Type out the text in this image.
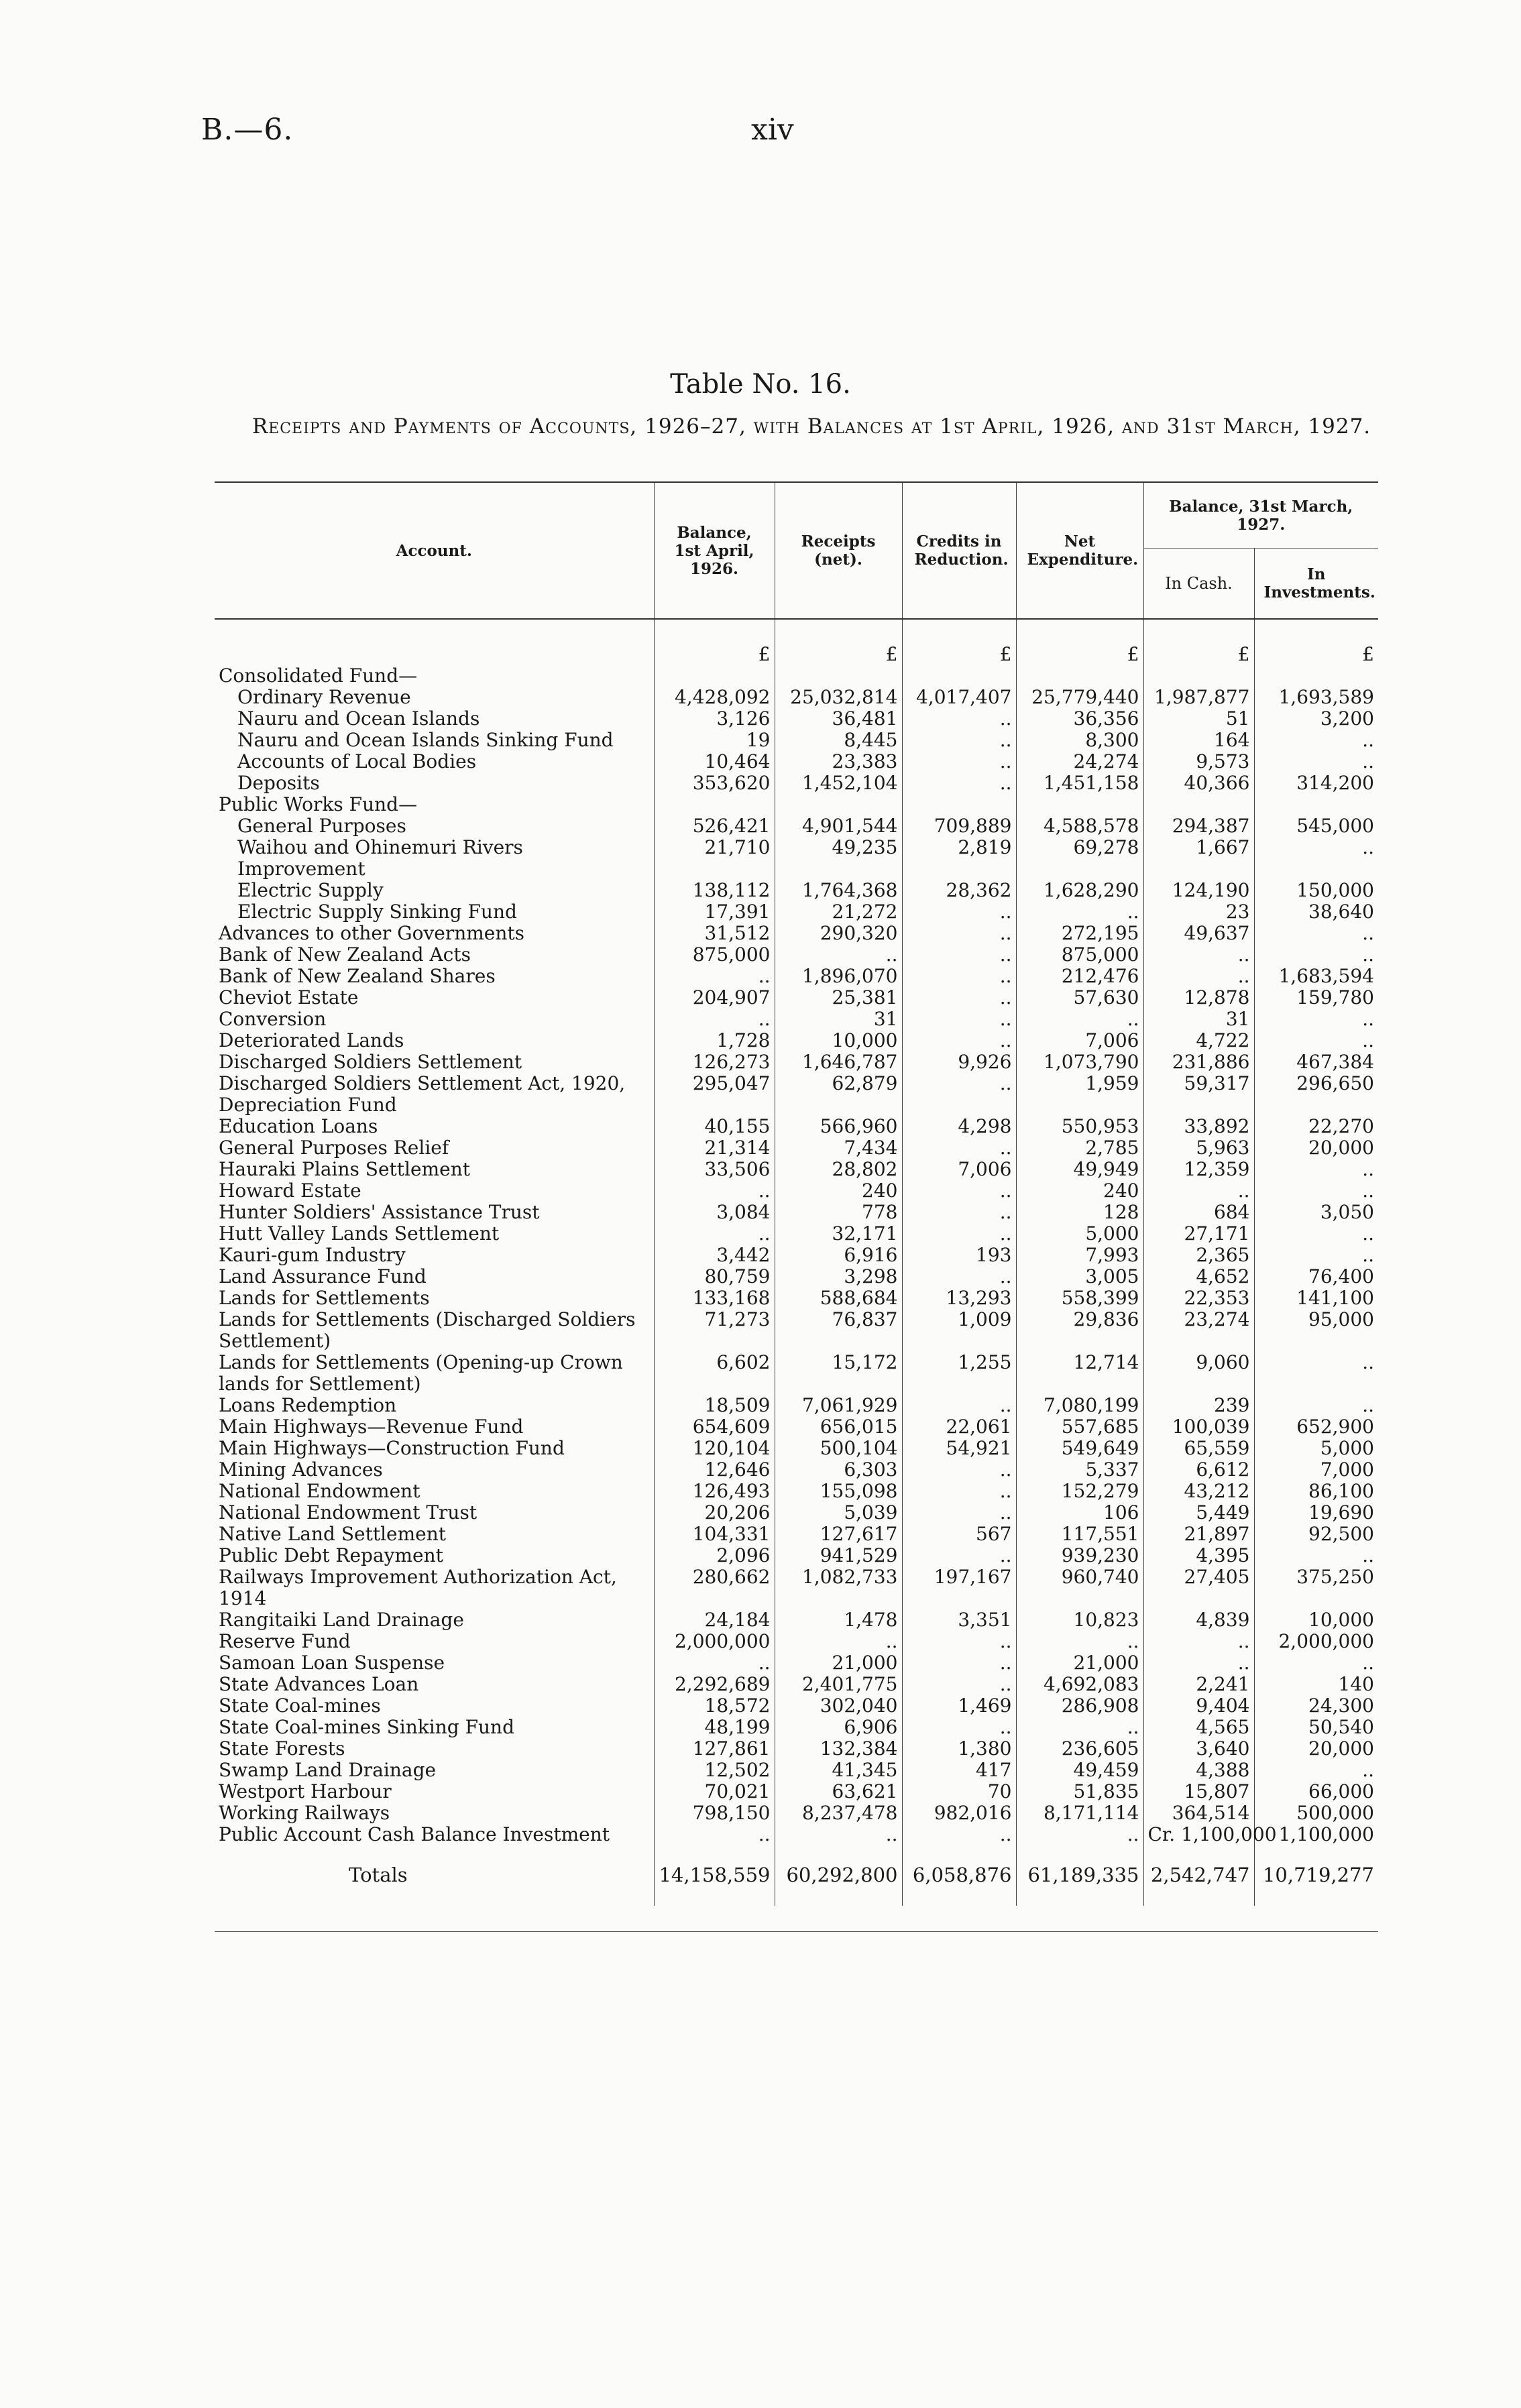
B.—6.	xiv
Table No. 16.
Receipts and Payments of Accounts, 1926–27, with Balances at 1st April, 1926, and 31st March, 1927.
Account.	Balance, 1st April, 1926.	Receipts (net).	Credits in Reduction.	Net Expenditure.	Balance, 31st March, 1927.	
					In Cash.	In Investments.
	£	£	£	£	£	£
Consolidated Fund—						
Ordinary Revenue	4,428,092	25,032,814	4,017,407	25,779,440	1,987,877	1,693,589
Nauru and Ocean Islands	3,126	36,481	..	36,356	51	3,200
Nauru and Ocean Islands Sinking Fund	19	8,445	..	8,300	164	..
Accounts of Local Bodies	10,464	23,383	..	24,274	9,573	..
Deposits	353,620	1,452,104	..	1,451,158	40,366	314,200
Public Works Fund—						
General Purposes	526,421	4,901,544	709,889	4,588,578	294,387	545,000
Waihou and Ohinemuri Rivers Improvement	21,710	49,235	2,819	69,278	1,667	..
Electric Supply	138,112	1,764,368	28,362	1,628,290	124,190	150,000
Electric Supply Sinking Fund	17,391	21,272	..	..	23	38,640
Advances to other Governments	31,512	290,320	..	272,195	49,637	..
Bank of New Zealand Acts	875,000	..	..	875,000	..	..
Bank of New Zealand Shares	..	1,896,070	..	212,476	..	1,683,594
Cheviot Estate	204,907	25,381	..	57,630	12,878	159,780
Conversion	..	31	..	..	31	..
Deteriorated Lands	1,728	10,000	..	7,006	4,722	..
Discharged Soldiers Settlement	126,273	1,646,787	9,926	1,073,790	231,886	467,384
Discharged Soldiers Settlement Act, 1920, Depreciation Fund	295,047	62,879	..	1,959	59,317	296,650
Education Loans	40,155	566,960	4,298	550,953	33,892	22,270
General Purposes Relief	21,314	7,434	..	2,785	5,963	20,000
Hauraki Plains Settlement	33,506	28,802	7,006	49,949	12,359	..
Howard Estate	..	240	..	240	..	..
Hunter Soldiers' Assistance Trust	3,084	778	..	128	684	3,050
Hutt Valley Lands Settlement	..	32,171	..	5,000	27,171	..
Kauri-gum Industry	3,442	6,916	193	7,993	2,365	..
Land Assurance Fund	80,759	3,298	..	3,005	4,652	76,400
Lands for Settlements	133,168	588,684	13,293	558,399	22,353	141,100
Lands for Settlements (Discharged Soldiers Settlement)	71,273	76,837	1,009	29,836	23,274	95,000
Lands for Settlements (Opening-up Crown lands for Settlement)	6,602	15,172	1,255	12,714	9,060	..
Loans Redemption	18,509	7,061,929	..	7,080,199	239	..
Main Highways—Revenue Fund	654,609	656,015	22,061	557,685	100,039	652,900
Main Highways—Construction Fund	120,104	500,104	54,921	549,649	65,559	5,000
Mining Advances	12,646	6,303	..	5,337	6,612	7,000
National Endowment	126,493	155,098	..	152,279	43,212	86,100
National Endowment Trust	20,206	5,039	..	106	5,449	19,690
Native Land Settlement	104,331	127,617	567	117,551	21,897	92,500
Public Debt Repayment	2,096	941,529	..	939,230	4,395	..
Railways Improvement Authorization Act, 1914	280,662	1,082,733	197,167	960,740	27,405	375,250
Rangitaiki Land Drainage	24,184	1,478	3,351	10,823	4,839	10,000
Reserve Fund	2,000,000	..	..	..	..	2,000,000
Samoan Loan Suspense	..	21,000	..	21,000	..	..
State Advances Loan	2,292,689	2,401,775	..	4,692,083	2,241	140
State Coal-mines	18,572	302,040	1,469	286,908	9,404	24,300
State Coal-mines Sinking Fund	48,199	6,906	..	..	4,565	50,540
State Forests	127,861	132,384	1,380	236,605	3,640	20,000
Swamp Land Drainage	12,502	41,345	417	49,459	4,388	..
Westport Harbour	70,021	63,621	70	51,835	15,807	66,000
Working Railways	798,150	8,237,478	982,016	8,171,114	364,514	500,000
Public Account Cash Balance Investment	..	..	..	..	Cr. 1,100,000	1,100,000
Totals	14,158,559	60,292,800	6,058,876	61,189,335	2,542,747	10,719,277
